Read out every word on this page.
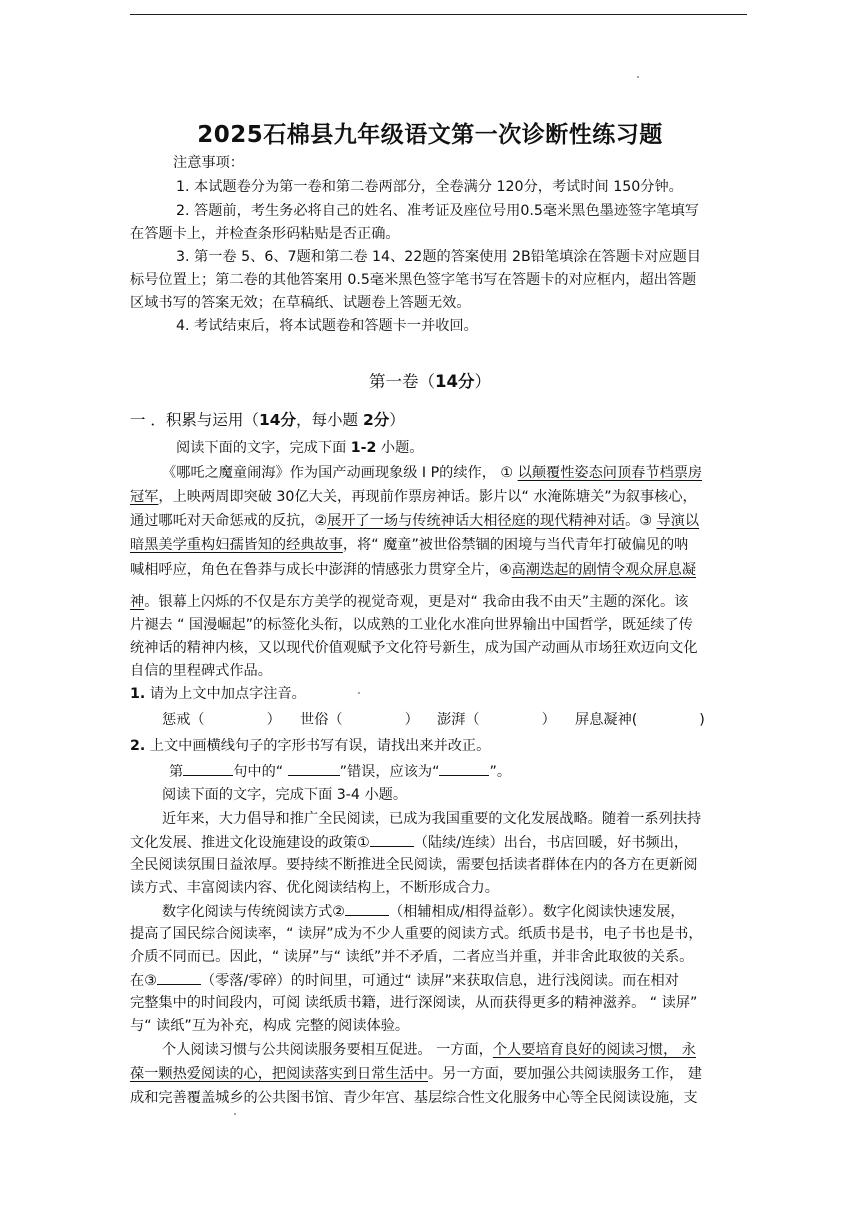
2025石棉县九年级语文第一次诊断性练习题
注意事项：
1. 本试题卷分为第一卷和第二卷两部分，全卷满分 120分，考试时间 150分钟。
2. 答题前，考生务必将自己的姓名、准考证及座位号用0.5毫米黑色墨迹签字笔填写
在答题卡上，并检查条形码粘贴是否正确。
3. 第一卷 5、6、7题和第二卷 14、22题的答案使用 2B铅笔填涂在答题卡对应题目
标号位置上；第二卷的其他答案用 0.5毫米黑色签字笔书写在答题卡的对应框内，超出答题
区域书写的答案无效；在草稿纸、试题卷上答题无效。
4. 考试结束后，将本试题卷和答题卡一并收回。
第一卷（14分）
一 ．积累与运用（14分，每小题 2分）
阅读下面的文字，完成下面 1-2 小题。
《哪吒之魔童闹海》作为国产动画现象级 I P的续作， ① 以颠覆性姿态问顶春节档票房
冠军，上映两周即突破 30亿大关，再现前作票房神话。影片以“ 水淹陈塘关”为叙事核心，
通过哪吒对天命惩戒的反抗，②展开了一场与传统神话大相径庭的现代精神对话。③ 导演以
暗黑美学重构妇孺皆知的经典故事，将“ 魔童”被世俗禁锢的困境与当代青年打破偏见的呐
喊相呼应，角色在鲁莽与成长中澎湃的情感张力贯穿全片，④高潮迭起的剧情令观众屏息凝
神。银幕上闪烁的不仅是东方美学的视觉奇观，更是对“ 我命由我不由天”主题的深化。该
片褪去 “ 国漫崛起”的标签化头衔，以成熟的工业化水准向世界输出中国哲学，既延续了传
统神话的精神内核，又以现代价值观赋予文化符号新生，成为国产动画从市场狂欢迈向文化
自信的里程碑式作品。
1. 请为上文中加点字注音。
惩戒（	） 世俗（	） 澎湃（	） 屏息凝神(	)
2. 上文中画横线句子的字形书写有误，请找出来并改正。
第	句中的“	”错误，应该为“	”。
阅读下面的文字，完成下面 3-4 小题。
近年来，大力倡导和推广全民阅读，已成为我国重要的文化发展战略。随着一系列扶持
文化发展、推进文化设施建设的政策①	（陆续/连续）出台，书店回暖，好书频出，
全民阅读氛围日益浓厚。要持续不断推进全民阅读，需要包括读者群体在内的各方在更新阅
读方式、丰富阅读内容、优化阅读结构上，不断形成合力。
数字化阅读与传统阅读方式②	（相辅相成/相得益彰）。数字化阅读快速发展，
提高了国民综合阅读率，“ 读屏”成为不少人重要的阅读方式。纸质书是书，电子书也是书，
介质不同而已。因此，“ 读屏”与“ 读纸”并不矛盾，二者应当并重，并非舍此取彼的关系。
在③	（零落/零碎）的时间里，可通过“ 读屏”来获取信息，进行浅阅读。而在相对
完整集中的时间段内，可阅 读纸质书籍，进行深阅读，从而获得更多的精神滋养。 “ 读屏”
与“ 读纸”互为补充，构成 完整的阅读体验。
个人阅读习惯与公共阅读服务要相互促进。 一方面，个人要培育良好的阅读习惯， 永
葆一颗热爱阅读的心，把阅读落实到日常生活中。另一方面，要加强公共阅读服务工作， 建
成和完善覆盖城乡的公共图书馆、青少年宫、基层综合性文化服务中心等全民阅读设施，支
